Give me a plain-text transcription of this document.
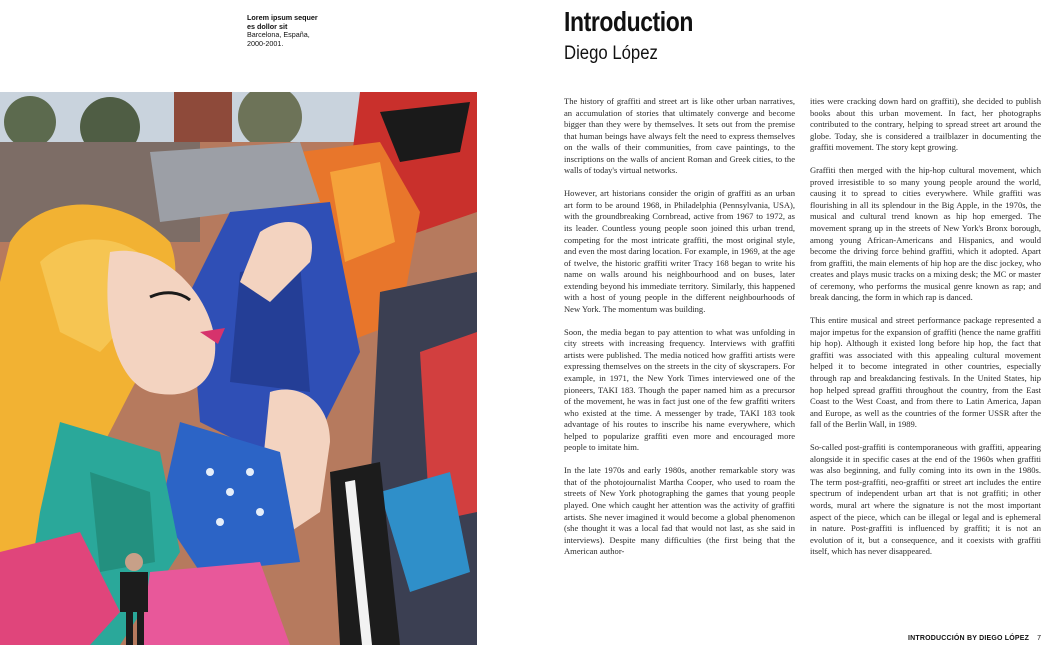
Lorem ipsum sequer
es dollor sit
Barcelona, España,
2000-2001.
Introduction
Diego López

The history of graffiti and street art is like other urban narratives, an accumulation of stories that ultimately converge and become bigger than they were by themselves. It sets out from the premise that human beings have always felt the need to express themselves on the walls of their communities, from cave paintings, to the inscriptions on the walls of ancient Roman and Greek cities, to the walls of today's virtual networks.

However, art historians consider the origin of graffiti as an urban art form to be around 1968, in Philadelphia (Pennsylvania, USA), with the groundbreaking Cornbread, active from 1967 to 1972, as its leader. Countless young people soon joined this urban trend, competing for the most intricate graffiti, the most original style, and even the most daring location. For example, in 1969, at the age of twelve, the historic graffiti writer Tracy 168 began to write his name on walls around his neighbourhood and on buses, later extending beyond his immediate territory. Similarly, this happened with a host of young people in the different neighbourhoods of New York. The momentum was building.

Soon, the media began to pay attention to what was unfolding in city streets with increasing frequency. Interviews with graffiti artists were published. The media noticed how graffiti artists were expressing themselves on the streets in the city of skyscrapers. For example, in 1971, the New York Times interviewed one of the pioneers, TAKI 183. Though the paper named him as a precursor of the movement, he was in fact just one of the few graffiti writers who existed at the time. A messenger by trade, TAKI 183 took advantage of his routes to inscribe his name everywhere, which helped to popularize graffiti even more and encouraged more people to imitate him.

In the late 1970s and early 1980s, another remarkable story was that of the photojournalist Martha Cooper, who used to roam the streets of New York photographing the games that young people played. One which caught her attention was the activity of graffiti artists. She never imagined it would become a global phenomenon (she thought it was a local fad that would not last, as she said in interviews). Despite many difficulties (the first being that the American author-

ities were cracking down hard on graffiti), she decided to publish books about this urban movement. In fact, her photographs contributed to the contrary, helping to spread street art around the globe. Today, she is considered a trailblazer in documenting the graffiti movement. The story kept growing.

Graffiti then merged with the hip-hop cultural movement, which proved irresistible to so many young people around the world, causing it to spread to cities everywhere. While graffiti was flourishing in all its splendour in the Big Apple, in the 1970s, the musical and cultural trend known as hip hop emerged. The movement sprang up in the streets of New York's Bronx borough, among young African-Americans and Hispanics, and would become the driving force behind graffiti, which it adopted. Apart from graffiti, the main elements of hip hop are the disc jockey, who creates and plays music tracks on a mixing desk; the MC or master of ceremony, who performs the musical genre known as rap; and break dancing, the form in which rap is danced.

This entire musical and street performance package represented a major impetus for the expansion of graffiti (hence the name graffiti hip hop). Although it existed long before hip hop, the fact that graffiti was associated with this appealing cultural movement helped it to become integrated in other countries, especially through rap and breakdancing festivals. In the United States, hip hop helped spread graffiti throughout the country, from the East Coast to the West Coast, and from there to Latin America, Japan and Europe, as well as the countries of the former USSR after the fall of the Berlin Wall, in 1989.

So-called post-graffiti is contemporaneous with graffiti, appearing alongside it in specific cases at the end of the 1960s when graffiti was also beginning, and fully coming into its own in the 1980s. The term post-graffiti, neo-graffiti or street art includes the entire spectrum of independent urban art that is not graffiti; in other words, mural art where the signature is not the most important aspect of the piece, which can be illegal or legal and is ephemeral in nature. Post-graffiti is influenced by graffiti; it is not an evolution of it, but a consequence, and it coexists with graffiti itself, which has never disappeared.

INTRODUCCIÓN BY DIEGO LÓPEZ 7
